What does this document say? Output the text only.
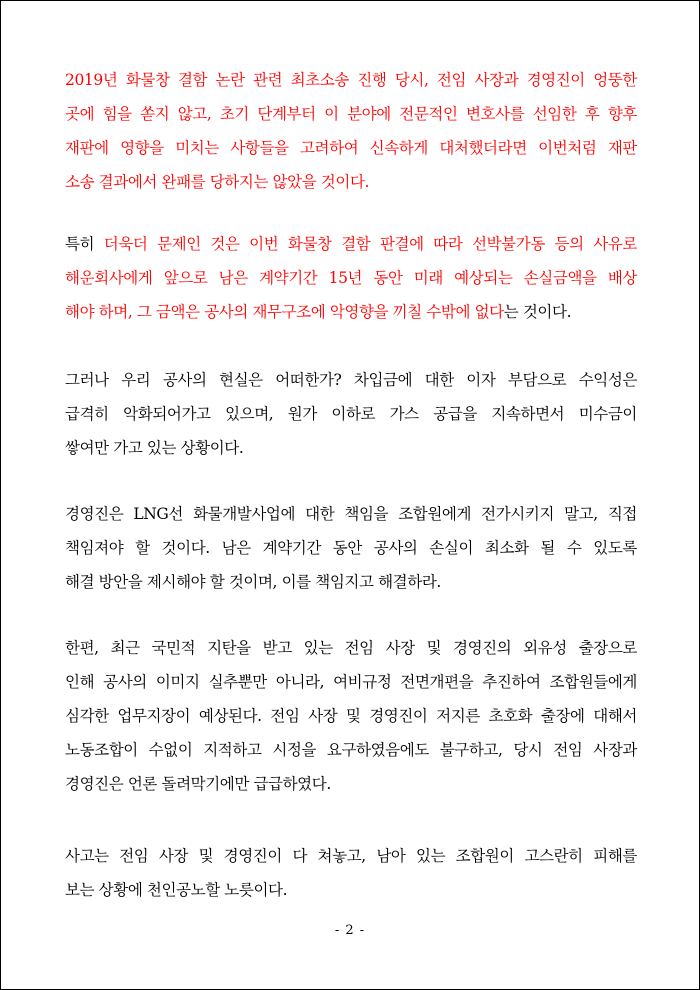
2019년 화물창 결함 논란 관련 최초소송 진행 당시, 전임 사장과 경영진이 엉뚱한
곳에 힘을 쏟지 않고, 초기 단계부터 이 분야에 전문적인 변호사를 선임한 후 향후
재판에 영향을 미치는 사항들을 고려하여 신속하게 대처했더라면 이번처럼 재판
소송 결과에서 완패를 당하지는 않았을 것이다.
특히 더욱더 문제인 것은 이번 화물창 결함 판결에 따라 선박불가동 등의 사유로
해운회사에게 앞으로 남은 계약기간 15년 동안 미래 예상되는 손실금액을 배상
해야 하며, 그 금액은 공사의 재무구조에 악영향을 끼칠 수밖에 없다는 것이다.
그러나 우리 공사의 현실은 어떠한가? 차입금에 대한 이자 부담으로 수익성은
급격히 악화되어가고 있으며, 원가 이하로 가스 공급을 지속하면서 미수금이
쌓여만 가고 있는 상황이다.
경영진은 LNG선 화물개발사업에 대한 책임을 조합원에게 전가시키지 말고, 직접
책임져야 할 것이다. 남은 계약기간 동안 공사의 손실이 최소화 될 수 있도록
해결 방안을 제시해야 할 것이며, 이를 책임지고 해결하라.
한편, 최근 국민적 지탄을 받고 있는 전임 사장 및 경영진의 외유성 출장으로
인해 공사의 이미지 실추뿐만 아니라, 여비규정 전면개편을 추진하여 조합원들에게
심각한 업무지장이 예상된다. 전임 사장 및 경영진이 저지른 초호화 출장에 대해서
노동조합이 수없이 지적하고 시정을 요구하였음에도 불구하고, 당시 전임 사장과
경영진은 언론 돌려막기에만 급급하였다.
사고는 전임 사장 및 경영진이 다 쳐놓고, 남아 있는 조합원이 고스란히 피해를
보는 상황에 천인공노할 노릇이다.
- 2 -
